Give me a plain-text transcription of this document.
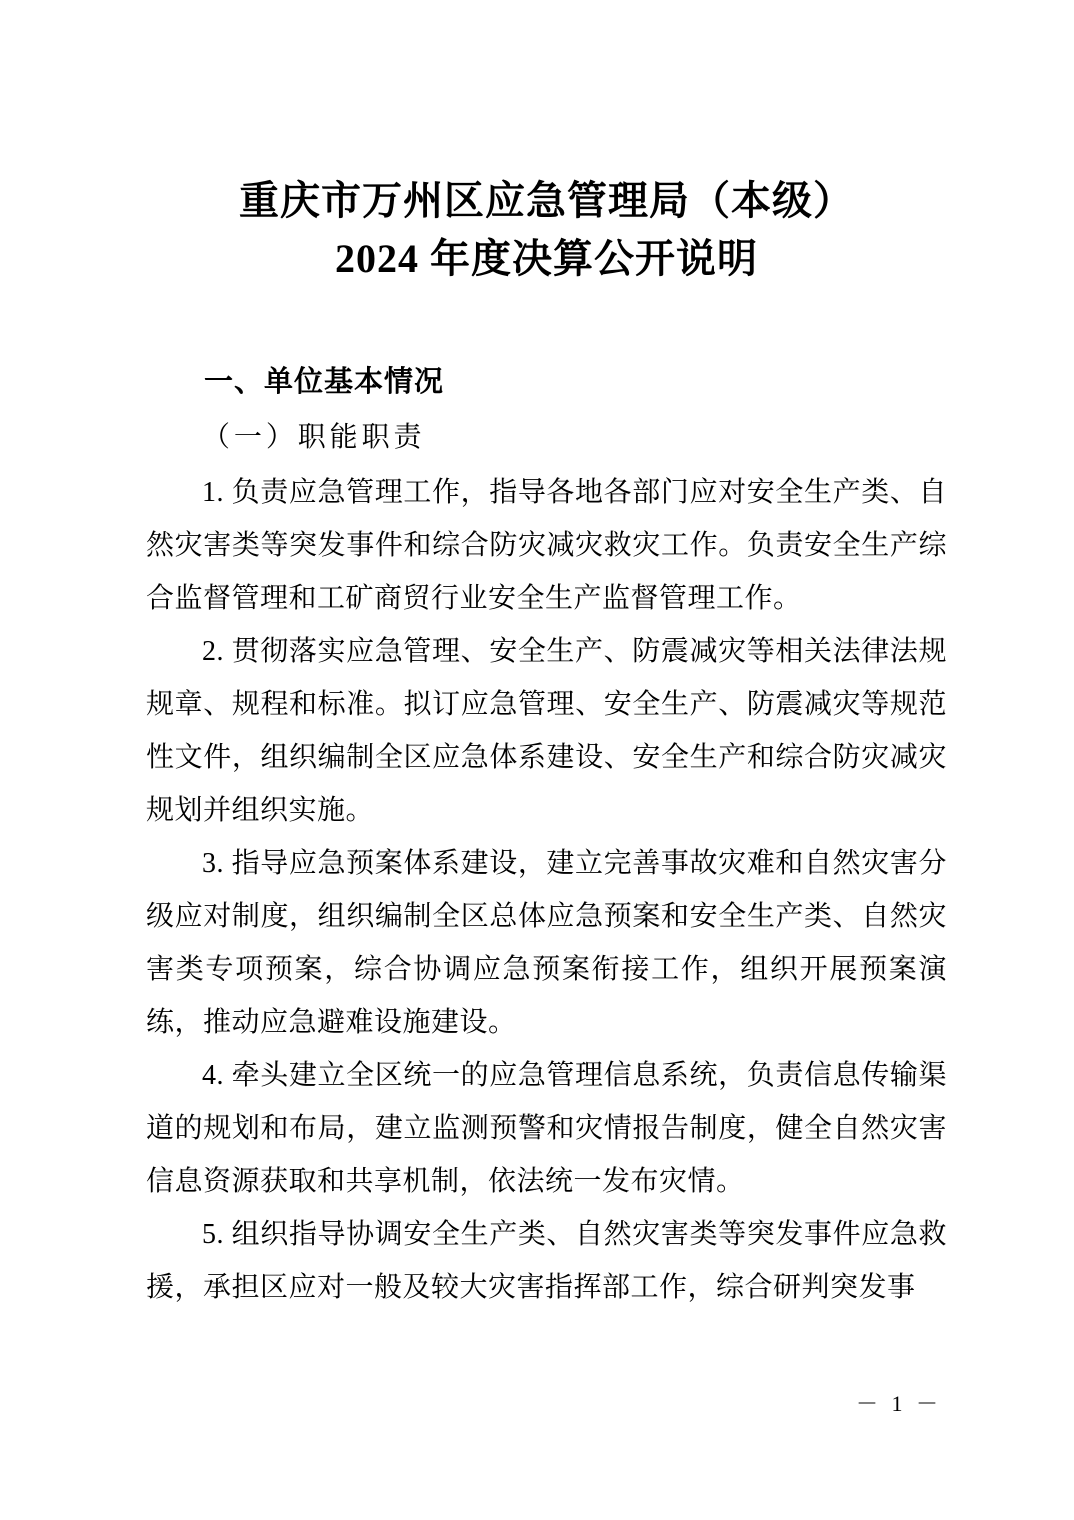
重庆市万州区应急管理局（本级）
2024 年度决算公开说明
一、单位基本情况
（一）职能职责

1. 负责应急管理工作，指导各地各部门应对安全生产类、自然灾害类等突发事件和综合防灾减灾救灾工作。负责安全生产综合监督管理和工矿商贸行业安全生产监督管理工作。

2. 贯彻落实应急管理、安全生产、防震减灾等相关法律法规规章、规程和标准。拟订应急管理、安全生产、防震减灾等规范性文件，组织编制全区应急体系建设、安全生产和综合防灾减灾规划并组织实施。

3. 指导应急预案体系建设，建立完善事故灾难和自然灾害分级应对制度，组织编制全区总体应急预案和安全生产类、自然灾害类专项预案，综合协调应急预案衔接工作，组织开展预案演练，推动应急避难设施建设。

4. 牵头建立全区统一的应急管理信息系统，负责信息传输渠道的规划和布局，建立监测预警和灾情报告制度，健全自然灾害信息资源获取和共享机制，依法统一发布灾情。

5. 组织指导协调安全生产类、自然灾害类等突发事件应急救援，承担区应对一般及较大灾害指挥部工作，综合研判突发事

－ 1 －
